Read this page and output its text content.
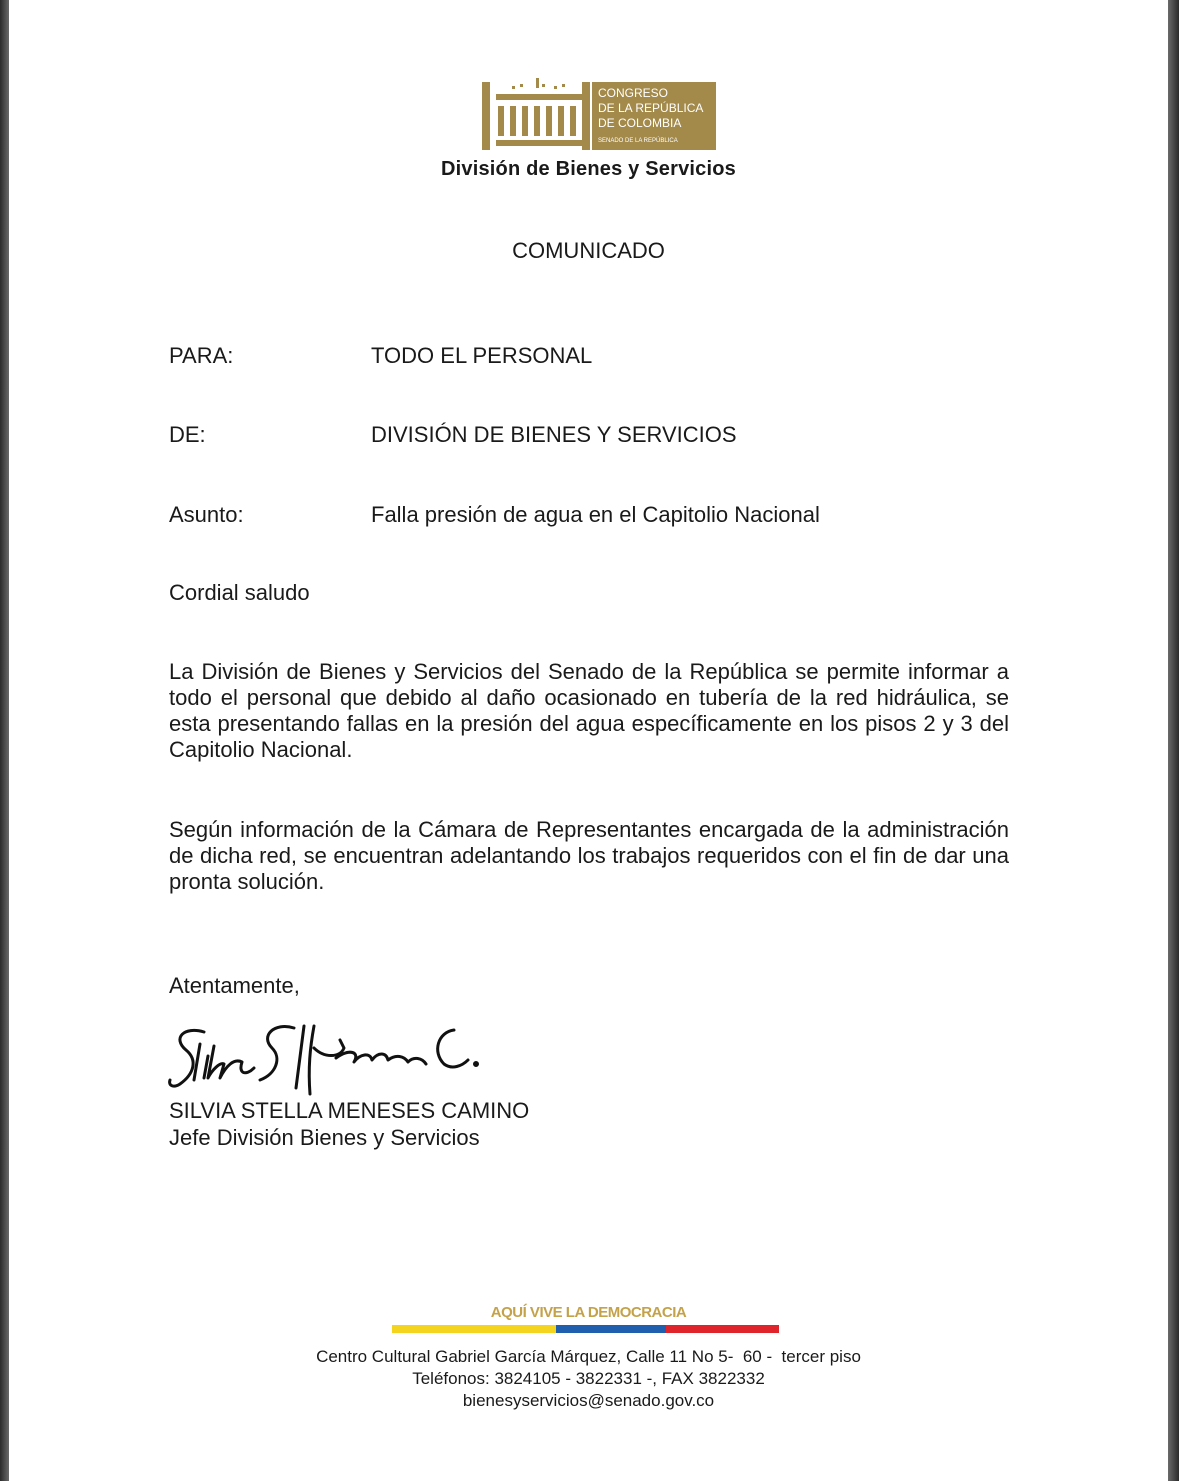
CONGRESO
DE LA REPÚBLICA
DE COLOMBIA
SENADO DE LA REPÚBLICA
División de Bienes y Servicios
COMUNICADO
PARA:	TODO EL PERSONAL
DE:	DIVISIÓN DE BIENES Y SERVICIOS
Asunto:	Falla presión de agua en el Capitolio Nacional
Cordial saludo
La División de Bienes y Servicios del Senado de la República se permite informar a todo el personal que debido al daño ocasionado en tubería de la red hidráulica, se esta presentando fallas en la presión del agua específicamente en los pisos 2 y 3 del Capitolio Nacional.
Según información de la Cámara de Representantes encargada de la administración de dicha red, se encuentran adelantando los trabajos requeridos con el fin de dar una pronta solución.
Atentamente,
SILVIA STELLA MENESES CAMINO
Jefe División Bienes y Servicios
AQUÍ VIVE LA DEMOCRACIA
Centro Cultural Gabriel García Márquez, Calle 11 No 5-  60 -  tercer piso
Teléfonos: 3824105 - 3822331 -, FAX 3822332
bienesyservicios@senado.gov.co
